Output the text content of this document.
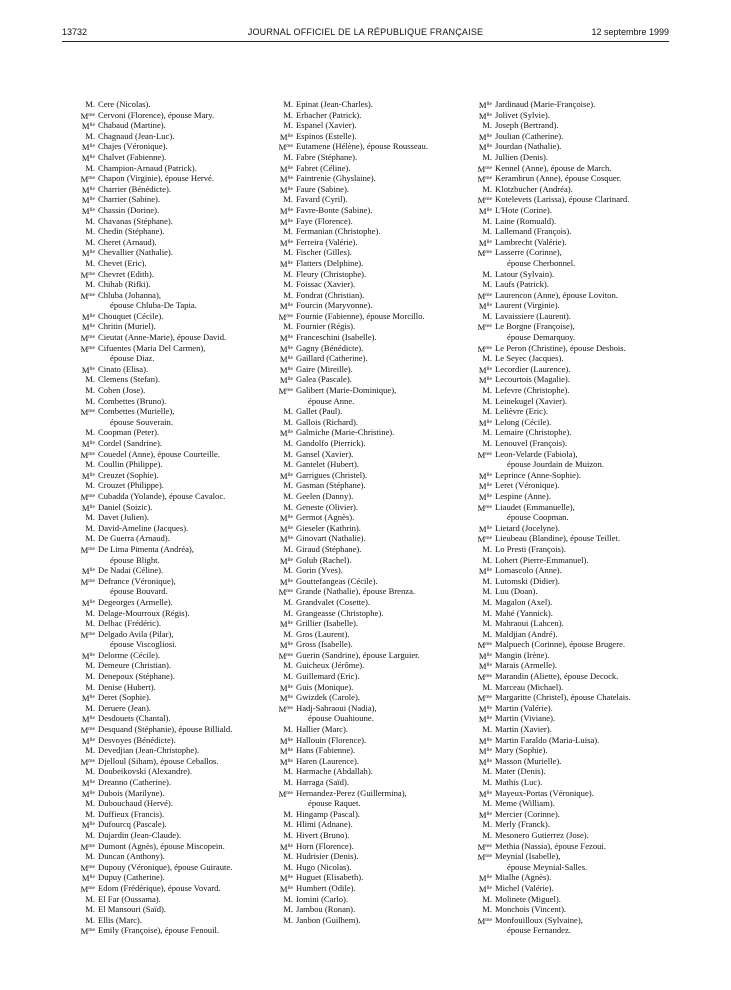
13732	JOURNAL OFFICIEL DE LA RÉPUBLIQUE FRANÇAISE	12 septembre 1999
M. Cere (Nicolas).
$M^{me}$ Cervoni (Florence), épouse Mary.
$M^{lle}$ Chabaud (Martine).
M. Chagnaud (Jean-Luc).
$M^{lle}$ Chajes (Véronique).
$M^{lle}$ Chalvet (Fabienne).
M. Champion-Arnaud (Patrick).
$M^{me}$ Chapon (Virginie), épouse Hervé.
$M^{lle}$ Charrier (Bénédicte).
$M^{lle}$ Charrier (Sabine).
$M^{lle}$ Chassin (Dorine).
M. Chavanas (Stéphane).
M. Chedin (Stéphane).
M. Cheret (Arnaud).
$M^{lle}$ Chevallier (Nathalie).
M. Chevet (Eric).
$M^{me}$ Chevret (Edith).
M. Chihab (Rifki).
$M^{me}$ Chluba (Johanna),
épouse Chluba-De Tapia.
$M^{lle}$ Chouquet (Cécile).
$M^{lle}$ Chritin (Muriel).
$M^{me}$ Cieutat (Anne-Marie), épouse David.
$M^{me}$ Cifuentes (Maria Del Carmen),
épouse Diaz.
$M^{lle}$ Cinato (Elisa).
M. Clemens (Stefan).
M. Cohen (Jose).
M. Combettes (Bruno).
$M^{me}$ Combettes (Murielle),
épouse Souverain.
M. Coopman (Peter).
$M^{lle}$ Cordel (Sandrine).
$M^{me}$ Couedel (Anne), épouse Courteille.
M. Coullin (Philippe).
$M^{lle}$ Creuzet (Sophie).
M. Crouzet (Philippe).
$M^{me}$ Cubadda (Yolande), épouse Cavaloc.
$M^{lle}$ Daniel (Soizic).
M. Davet (Julien).
M. David-Ameline (Jacques).
M. De Guerra (Arnaud).
$M^{me}$ De Lima Pimenta (Andréa),
épouse Blight.
$M^{lle}$ De Nadai (Céline).
$M^{me}$ Defrance (Véronique),
épouse Bouvard.
$M^{lle}$ Degeorges (Armelle).
M. Delage-Mourroux (Régis).
M. Delbac (Frédéric).
$M^{me}$ Delgado Avila (Pilar),
épouse Viscogliosi.
$M^{lle}$ Delorme (Cécile).
M. Demeure (Christian).
M. Denepoux (Stéphane).
M. Denise (Hubert).
$M^{lle}$ Deret (Sophie).
M. Deruere (Jean).
$M^{lle}$ Desdouets (Chantal).
$M^{me}$ Desquand (Stéphanie), épouse Billiald.
$M^{lle}$ Desvoyes (Bénédicte).
M. Devedjian (Jean-Christophe).
$M^{me}$ Djelloul (Siham), épouse Ceballos.
M. Doubeikovski (Alexandre).
$M^{lle}$ Dreanno (Catherine).
$M^{lle}$ Dubois (Marilyne).
M. Dubouchaud (Hervé).
M. Duffieux (Francis).
$M^{lle}$ Dufourcq (Pascale).
M. Dujardin (Jean-Claude).
$M^{me}$ Dumont (Agnès), épouse Miscopein.
M. Duncan (Anthony).
$M^{me}$ Dupouy (Véronique), épouse Guiraute.
$M^{lle}$ Dupuy (Catherine).
$M^{me}$ Edom (Frédérique), épouse Vovard.
M. El Far (Oussama).
M. El Mansouri (Saïd).
M. Ellis (Marc).
$M^{me}$ Emily (Françoise), épouse Fenouil.
M. Epinat (Jean-Charles).
M. Erbacher (Patrick).
M. Espanel (Xavier).
$M^{lle}$ Espinos (Estelle).
$M^{me}$ Eutamene (Hélène), épouse Rousseau.
M. Fabre (Stéphane).
$M^{lle}$ Fabret (Céline).
$M^{lle}$ Faintrenie (Ghyslaine).
$M^{lle}$ Faure (Sabine).
M. Favard (Cyril).
$M^{lle}$ Favre-Bonte (Sabine).
$M^{lle}$ Faye (Florence).
M. Fermanian (Christophe).
$M^{lle}$ Ferreira (Valérie).
M. Fischer (Gilles).
$M^{lle}$ Flatters (Delphine).
M. Fleury (Christophe).
M. Foissac (Xavier).
M. Fondrat (Christian).
$M^{lle}$ Fourcin (Maryvonne).
$M^{me}$ Fournie (Fabienne), épouse Morcillo.
M. Fournier (Régis).
$M^{lle}$ Franceschini (Isabelle).
$M^{lle}$ Gagny (Bénédicte).
$M^{lle}$ Gaillard (Catherine).
$M^{lle}$ Gaire (Mireille).
$M^{lle}$ Galea (Pascale).
$M^{me}$ Galibert (Marie-Dominique),
épouse Anne.
M. Gallet (Paul).
M. Gallois (Richard).
$M^{lle}$ Galmiche (Marie-Christine).
M. Gandolfo (Pierrick).
M. Gansel (Xavier).
M. Gantelet (Hubert).
$M^{lle}$ Garrigues (Christel).
M. Gasman (Stéphane).
M. Geelen (Danny).
M. Geneste (Olivier).
$M^{lle}$ Germot (Agnès).
$M^{lle}$ Gieseler (Kathrin).
$M^{lle}$ Ginovart (Nathalie).
M. Giraud (Stéphane).
$M^{lle}$ Golub (Rachel).
M. Gorin (Yves).
$M^{lle}$ Gouttefangeas (Cécile).
$M^{me}$ Grande (Nathalie), épouse Brenza.
M. Grandvalet (Cosette).
M. Grangeasse (Christophe).
$M^{lle}$ Grillier (Isabelle).
M. Gros (Laurent).
$M^{lle}$ Gross (Isabelle).
$M^{me}$ Guerin (Sandrine), épouse Larguier.
M. Guicheux (Jérôme).
M. Guillemard (Eric).
$M^{lle}$ Guis (Monique).
$M^{lle}$ Gwizdek (Carole).
$M^{me}$ Hadj-Sahraoui (Nadia),
épouse Ouahioune.
M. Hallier (Marc).
$M^{lle}$ Hallouin (Florence).
$M^{lle}$ Hans (Fabienne).
$M^{lle}$ Haren (Laurence).
M. Harmache (Abdallah).
M. Harraga (Saïd).
$M^{me}$ Hernandez-Perez (Guillermina),
épouse Raquet.
M. Hingamp (Pascal).
M. Hlimi (Adnane).
M. Hivert (Bruno).
$M^{lle}$ Horn (Florence).
M. Hudrisier (Denis).
M. Hugo (Nicolas).
$M^{lle}$ Huguet (Elisabeth).
$M^{lle}$ Humbert (Odile).
M. Iomini (Carlo).
M. Jambou (Ronan).
M. Janbon (Guilhem).
$M^{lle}$ Jardinaud (Marie-Françoise).
$M^{lle}$ Jolivet (Sylvie).
M. Joseph (Bertrand).
$M^{lle}$ Joulian (Catherine).
$M^{lle}$ Jourdan (Nathalie).
M. Jullien (Denis).
$M^{me}$ Kennel (Anne), épouse de March.
$M^{me}$ Kerambrun (Anne), épouse Cosquer.
M. Klotzbucher (Andréa).
$M^{me}$ Kotelevets (Larissa), épouse Clarinard.
$M^{lle}$ L'Hote (Corine).
M. Laine (Romuald).
M. Lallemand (François).
$M^{lle}$ Lambrecht (Valérie).
$M^{me}$ Lasserre (Corinne),
épouse Cherbonnel.
M. Latour (Sylvain).
M. Laufs (Patrick).
$M^{me}$ Laurencon (Anne), épouse Loviton.
$M^{lle}$ Laurent (Virginie).
M. Lavaissiere (Laurent).
$M^{me}$ Le Borgne (Françoise),
épouse Demarquoy.
$M^{me}$ Le Peron (Christine), épouse Desbois.
M. Le Seyec (Jacques).
$M^{lle}$ Lecordier (Laurence).
$M^{lle}$ Lecourtois (Magalie).
M. Lefevre (Christophe).
M. Leinekugel (Xavier).
M. Lelièvre (Eric).
$M^{lle}$ Lelong (Cécile).
M. Lemaire (Christophe).
M. Lenouvel (François).
$M^{me}$ Leon-Velarde (Fabiola),
épouse Jourdain de Muizon.
$M^{lle}$ Leprince (Anne-Sophie).
$M^{lle}$ Leret (Véronique).
$M^{lle}$ Lespine (Anne).
$M^{me}$ Liaudet (Emmanuelle),
épouse Coopman.
$M^{lle}$ Lietard (Jocelyne).
$M^{me}$ Lieubeau (Blandine), épouse Teillet.
M. Lo Presti (François).
M. Lohert (Pierre-Emmanuel).
$M^{lle}$ Lomascolo (Anne).
M. Lutomski (Didier).
M. Luu (Doan).
M. Magalon (Axel).
M. Mahé (Yannick).
M. Mahraoui (Lahcen).
M. Maldjian (André).
$M^{me}$ Malpuech (Corinne), épouse Brugere.
$M^{lle}$ Mangin (Irène).
$M^{lle}$ Marais (Armelle).
$M^{me}$ Marandin (Aliette), épouse Decock.
M. Marceau (Michael).
$M^{me}$ Margaritte (Christel), épouse Chatelais.
$M^{lle}$ Martin (Valérie).
$M^{lle}$ Martin (Viviane).
M. Martin (Xavier).
$M^{lle}$ Martin Faraldo (Maria-Luisa).
$M^{lle}$ Mary (Sophie).
$M^{lle}$ Masson (Murielle).
M. Mater (Denis).
M. Mathis (Luc).
$M^{lle}$ Mayeux-Portas (Véronique).
M. Meme (William).
$M^{lle}$ Mercier (Corinne).
M. Merly (Franck).
M. Mesonero Gutierrez (Jose).
$M^{me}$ Methia (Nassia), épouse Fezoui.
$M^{me}$ Meynial (Isabelle),
épouse Meynial-Salles.
$M^{lle}$ Mialhe (Agnès).
$M^{lle}$ Michel (Valérie).
M. Molinete (Miguel).
M. Monchois (Vincent).
$M^{me}$ Monfouilloux (Sylvaine),
épouse Fernandez.
